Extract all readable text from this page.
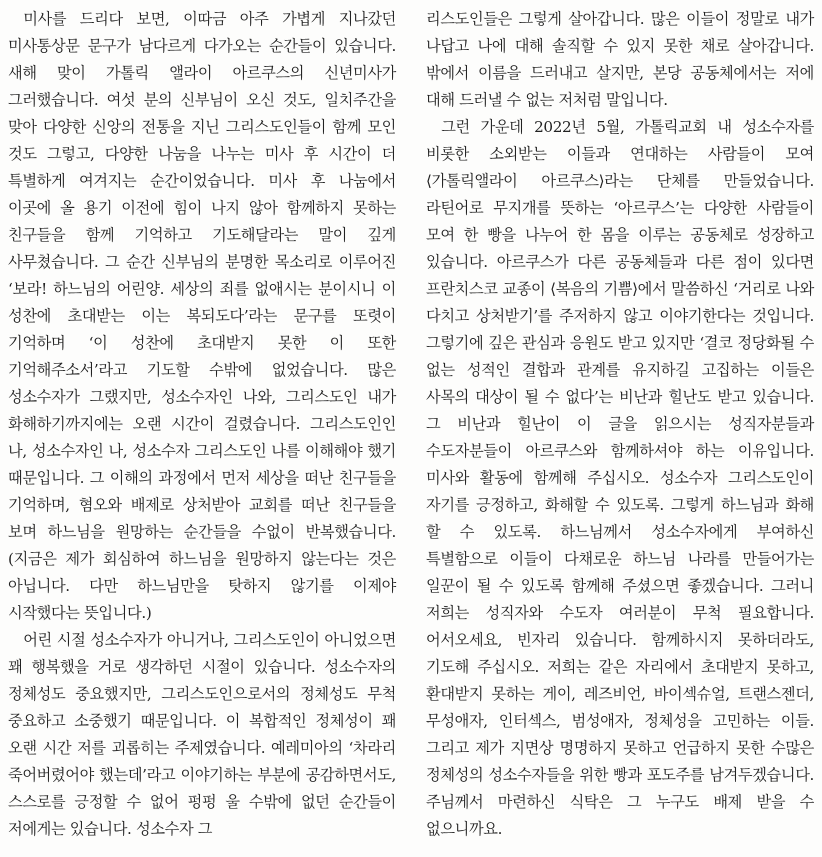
미사를 드리다 보면, 이따금 아주 가볍게 지나갔던 미사통상문 문구가 남다르게 다가오는 순간들이 있습니다. 새해 맞이 가톨릭 앨라이 아르쿠스의 신년미사가 그러했습니다. 여섯 분의 신부님이 오신 것도, 일치주간을 맞아 다양한 신앙의 전통을 지닌 그리스도인들이 함께 모인 것도 그렇고, 다양한 나눔을 나누는 미사 후 시간이 더 특별하게 여겨지는 순간이었습니다. 미사 후 나눔에서 이곳에 올 용기 이전에 힘이 나지 않아 함께하지 못하는 친구들을 함께 기억하고 기도해달라는 말이 깊게 사무쳤습니다. 그 순간 신부님의 분명한 목소리로 이루어진 ‘보라! 하느님의 어린양. 세상의 죄를 없애시는 분이시니 이 성찬에 초대받는 이는 복되도다’라는 문구를 또렷이 기억하며 ‘이 성찬에 초대받지 못한 이 또한 기억해주소서’라고 기도할 수밖에 없었습니다. 많은 성소수자가 그랬지만, 성소수자인 나와, 그리스도인 내가 화해하기까지에는 오랜 시간이 걸렸습니다. 그리스도인인 나, 성소수자인 나, 성소수자 그리스도인 나를 이해해야 했기 때문입니다. 그 이해의 과정에서 먼저 세상을 떠난 친구들을 기억하며, 혐오와 배제로 상처받아 교회를 떠난 친구들을 보며 하느님을 원망하는 순간들을 수없이 반복했습니다. (지금은 제가 회심하여 하느님을 원망하지 않는다는 것은 아닙니다. 다만 하느님만을 탓하지 않기를 이제야 시작했다는 뜻입니다.)

어린 시절 성소수자가 아니거나, 그리스도인이 아니었으면 꽤 행복했을 거로 생각하던 시절이 있습니다. 성소수자의 정체성도 중요했지만, 그리스도인으로서의 정체성도 무척 중요하고 소중했기 때문입니다. 이 복합적인 정체성이 꽤 오랜 시간 저를 괴롭히는 주제였습니다. 예레미아의 ‘차라리 죽어버렸어야 했는데’라고 이야기하는 부분에 공감하면서도, 스스로를 긍정할 수 없어 펑펑 울 수밖에 없던 순간들이 저에게는 있습니다. 성소수자 그

리스도인들은 그렇게 살아갑니다. 많은 이들이 정말로 내가 나답고 나에 대해 솔직할 수 있지 못한 채로 살아갑니다. 밖에서 이름을 드러내고 살지만, 본당 공동체에서는 저에 대해 드러낼 수 없는 저처럼 말입니다.

그런 가운데 2022년 5월, 가톨릭교회 내 성소수자를 비롯한 소외받는 이들과 연대하는 사람들이 모여 ⟨가톨릭앨라이 아르쿠스⟩라는 단체를 만들었습니다. 라틴어로 무지개를 뜻하는 ‘아르쿠스’는 다양한 사람들이 모여 한 빵을 나누어 한 몸을 이루는 공동체로 성장하고 있습니다. 아르쿠스가 다른 공동체들과 다른 점이 있다면 프란치스코 교종이 ⟨복음의 기쁨⟩에서 말씀하신 ‘거리로 나와 다치고 상처받기’를 주저하지 않고 이야기한다는 것입니다. 그렇기에 깊은 관심과 응원도 받고 있지만 ‘결코 정당화될 수 없는 성적인 결합과 관계를 유지하길 고집하는 이들은 사목의 대상이 될 수 없다’는 비난과 힐난도 받고 있습니다. 그 비난과 힐난이 이 글을 읽으시는 성직자분들과 수도자분들이 아르쿠스와 함께하셔야 하는 이유입니다. 미사와 활동에 함께해 주십시오. 성소수자 그리스도인이 자기를 긍정하고, 화해할 수 있도록. 그렇게 하느님과 화해 할 수 있도록. 하느님께서 성소수자에게 부여하신 특별함으로 이들이 다채로운 하느님 나라를 만들어가는 일꾼이 될 수 있도록 함께해 주셨으면 좋겠습니다. 그러니 저희는 성직자와 수도자 여러분이 무척 필요합니다. 어서오세요, 빈자리 있습니다. 함께하시지 못하더라도, 기도해 주십시오. 저희는 같은 자리에서 초대받지 못하고, 환대받지 못하는 게이, 레즈비언, 바이섹슈얼, 트랜스젠더, 무성애자, 인터섹스, 범성애자, 정체성을 고민하는 이들. 그리고 제가 지면상 명명하지 못하고 언급하지 못한 수많은 정체성의 성소수자들을 위한 빵과 포도주를 남겨두겠습니다. 주님께서 마련하신 식탁은 그 누구도 배제 받을 수 없으니까요.
